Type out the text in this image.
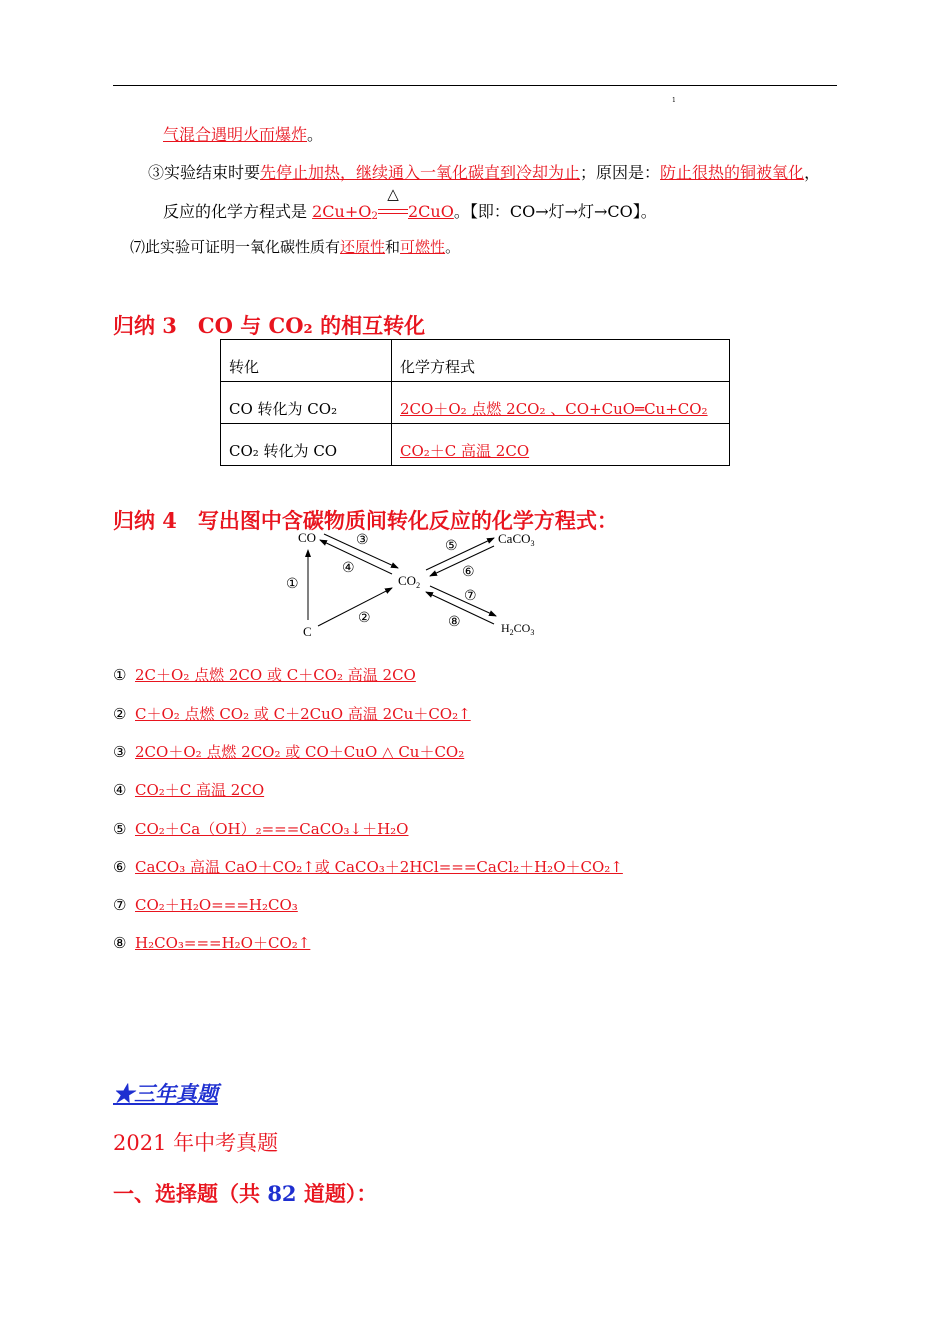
1
气混合遇明火而爆炸。
③实验结束时要先停止加热，继续通入一氧化碳直到冷却为止；原因是：防止很热的铜被氧化，
反应的化学方程式是 $2Cu+O_2$
△
2CuO。【即：CO→灯→灯→CO】。
⑺此实验可证明一氧化碳性质有还原性和可燃性。
归纳 3　CO 与 CO₂ 的相互转化
转化	化学方程式
CO 转化为 CO₂	2CO＋O₂ 点燃 2CO₂ 、CO+CuO═Cu+CO₂
CO₂ 转化为 CO	CO₂＋C 高温 2CO
归纳 4　写出图中含碳物质间转化反应的化学方程式：
CO
$CO_2$
CaCO$_3$
C	$H_2CO_3$
①
②
③
④
⑤
⑥
⑦
⑧
① 2C＋O₂ 点燃 2CO 或 C＋CO₂ 高温 2CO
② C＋O₂ 点燃 CO₂ 或 C＋2CuO 高温 2Cu＋CO₂↑
③ 2CO＋O₂ 点燃 2CO₂ 或 CO＋CuO △ Cu＋CO₂
④ CO₂＋C 高温 2CO
⑤ CO₂＋Ca（OH）₂===CaCO₃↓＋H₂O
⑥ CaCO₃ 高温 CaO＋CO₂↑或 CaCO₃＋2HCl===CaCl₂＋H₂O＋CO₂↑
⑦ CO₂＋H₂O===H₂CO₃
⑧ H₂CO₃===H₂O＋CO₂↑
★三年真题
2021 年中考真题
一、选择题（共 82 道题）：
